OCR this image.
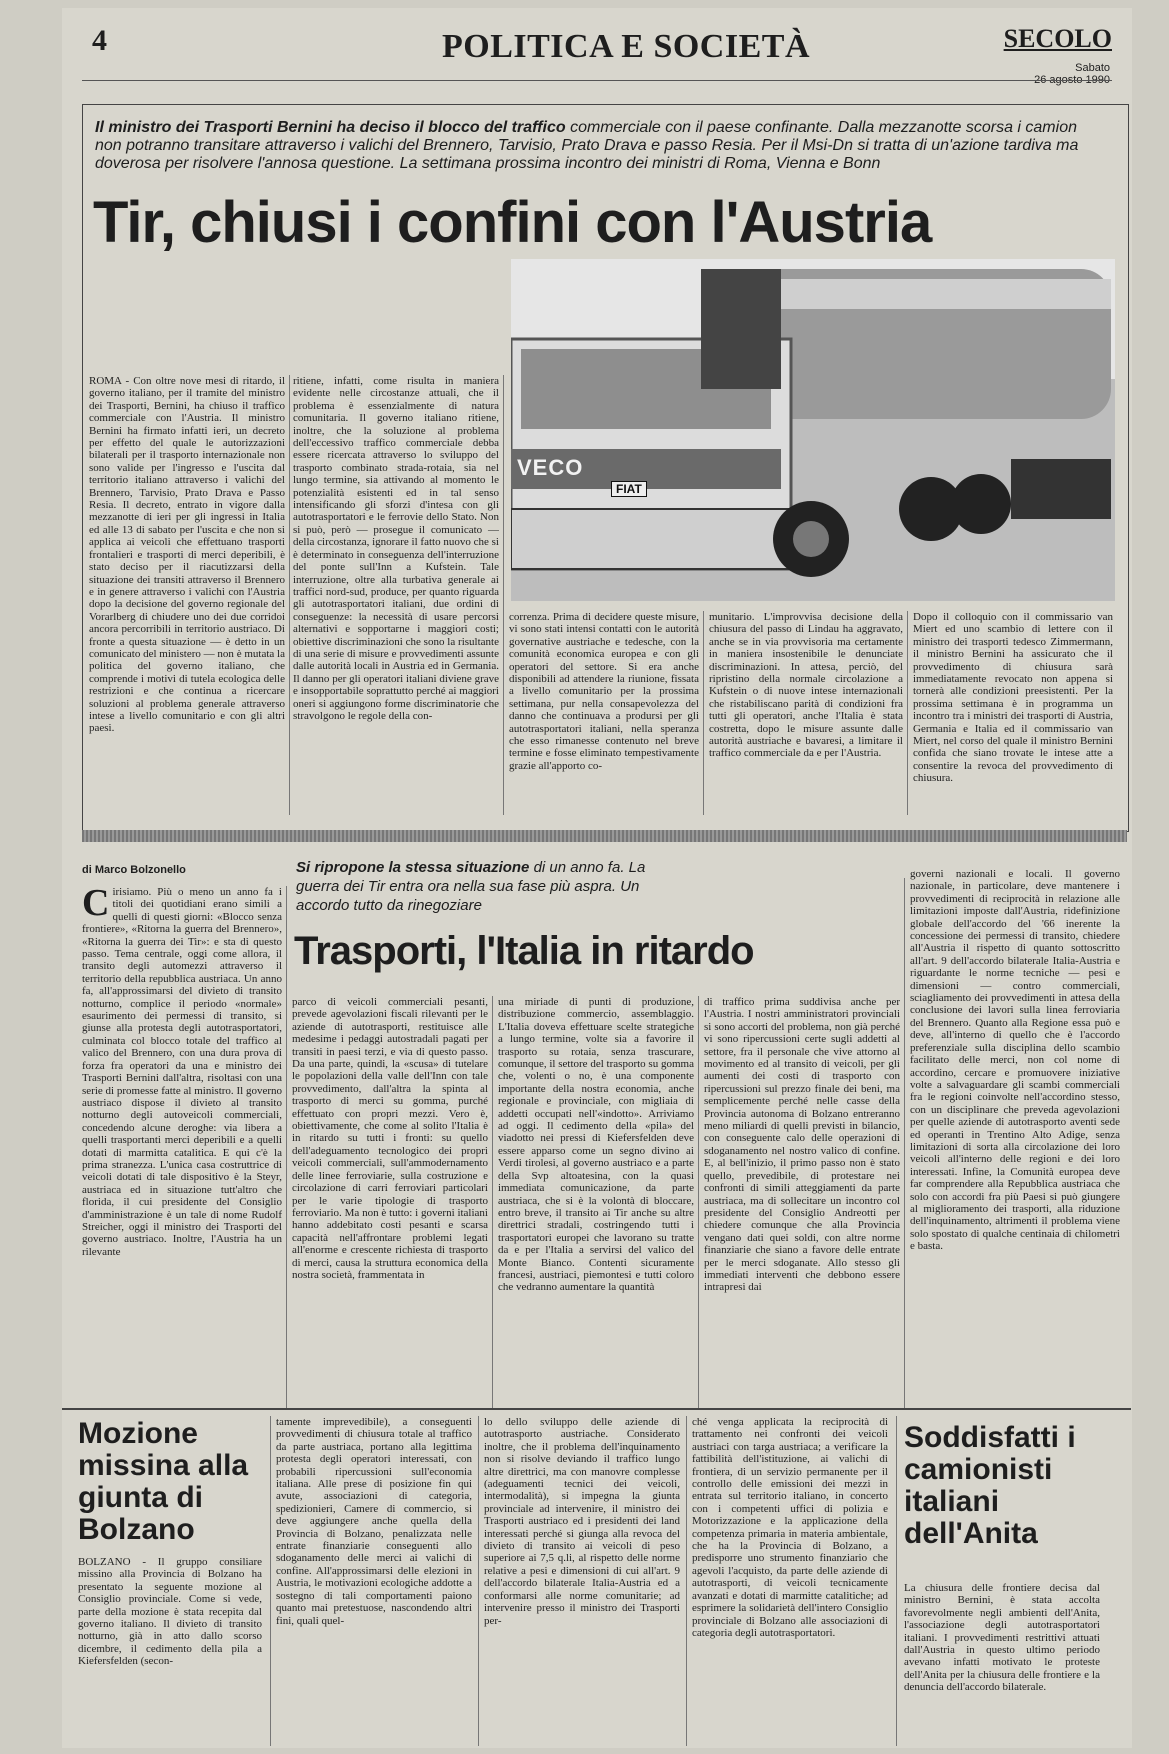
4	POLITICA E SOCIETÀ	SECOLO
Sabato
26 agosto 1990
Il ministro dei Trasporti Bernini ha deciso il blocco del traffico commerciale con il paese confinante. Dalla mezzanotte scorsa i camion non potranno transitare attraverso i valichi del Brennero, Tarvisio, Prato Drava e passo Resia. Per il Msi-Dn si tratta di un'azione tardiva ma doverosa per risolvere l'annosa questione. La settimana prossima incontro dei ministri di Roma, Vienna e Bonn
Tir, chiusi i confini con l'Austria
VECO
FIAT
ROMA - Con oltre nove mesi di ritardo, il governo italiano, per il tramite del ministro dei Trasporti, Bernini, ha chiuso il traffico commerciale con l'Austria. Il ministro Bernini ha firmato infatti ieri, un decreto per effetto del quale le autorizzazioni bilaterali per il trasporto internazionale non sono valide per l'ingresso e l'uscita dal territorio italiano attraverso i valichi del Brennero, Tarvisio, Prato Drava e Passo Resia. Il decreto, entrato in vigore dalla mezzanotte di ieri per gli ingressi in Italia ed alle 13 di sabato per l'uscita e che non si applica ai veicoli che effettuano trasporti frontalieri e trasporti di merci deperibili, è stato deciso per il riacutizzarsi della situazione dei transiti attraverso il Brennero e in genere attraverso i valichi con l'Austria dopo la decisione del governo regionale del Vorarlberg di chiudere uno dei due corridoi ancora percorribili in territorio austriaco. Di fronte a questa situazione — è detto in un comunicato del ministero — non è mutata la politica del governo italiano, che comprende i motivi di tutela ecologica delle restrizioni e che continua a ricercare soluzioni al problema generale attraverso intese a livello comunitario e con gli altri paesi.
ritiene, infatti, come risulta in maniera evidente nelle circostanze attuali, che il problema è essenzialmente di natura comunitaria. Il governo italiano ritiene, inoltre, che la soluzione al problema dell'eccessivo traffico commerciale debba essere ricercata attraverso lo sviluppo del trasporto combinato strada-rotaia, sia nel lungo termine, sia attivando al momento le potenzialità esistenti ed in tal senso intensificando gli sforzi d'intesa con gli autotrasportatori e le ferrovie dello Stato. Non si può, però — prosegue il comunicato — della circostanza, ignorare il fatto nuovo che si è determinato in conseguenza dell'interruzione del ponte sull'Inn a Kufstein. Tale interruzione, oltre alla turbativa generale ai traffici nord-sud, produce, per quanto riguarda gli autotrasportatori italiani, due ordini di conseguenze: la necessità di usare percorsi alternativi e sopportarne i maggiori costi; obiettive discriminazioni che sono la risultante di una serie di misure e provvedimenti assunte dalle autorità locali in Austria ed in Germania. Il danno per gli operatori italiani diviene grave e insopportabile soprattutto perché ai maggiori oneri si aggiungono forme discriminatorie che stravolgono le regole della con-
correnza. Prima di decidere queste misure, vi sono stati intensi contatti con le autorità governative austriache e tedesche, con la comunità economica europea e con gli operatori del settore. Si era anche disponibili ad attendere la riunione, fissata a livello comunitario per la prossima settimana, pur nella consapevolezza del danno che continuava a prodursi per gli autotrasportatori italiani, nella speranza che esso rimanesse contenuto nel breve termine e fosse eliminato tempestivamente grazie all'apporto co-
munitario. L'improvvisa decisione della chiusura del passo di Lindau ha aggravato, anche se in via provvisoria ma certamente in maniera insostenibile le denunciate discriminazioni. In attesa, perciò, del ripristino della normale circolazione a Kufstein o di nuove intese internazionali che ristabiliscano parità di condizioni fra tutti gli operatori, anche l'Italia è stata costretta, dopo le misure assunte dalle autorità austriache e bavaresi, a limitare il traffico commerciale da e per l'Austria.
Dopo il colloquio con il commissario van Miert ed uno scambio di lettere con il ministro dei trasporti tedesco Zimmermann, il ministro Bernini ha assicurato che il provvedimento di chiusura sarà immediatamente revocato non appena si tornerà alle condizioni preesistenti. Per la prossima settimana è in programma un incontro tra i ministri dei trasporti di Austria, Germania e Italia ed il commissario van Miert, nel corso del quale il ministro Bernini confida che siano trovate le intese atte a consentire la revoca del provvedimento di chiusura.
di Marco Bolzonello	Si ripropone la stessa situazione di un anno fa. La guerra dei Tir entra ora nella sua fase più aspra. Un accordo tutto da rinegoziare
Trasporti, l'Italia in ritardo
C irisiamo. Più o meno un anno fa i titoli dei quotidiani erano simili a quelli di questi giorni: «Blocco senza frontiere», «Ritorna la guerra del Brennero», «Ritorna la guerra dei Tir»: e sta di questo passo. Tema centrale, oggi come allora, il transito degli automezzi attraverso il territorio della repubblica austriaca. Un anno fa, all'approssimarsi del divieto di transito notturno, complice il periodo «normale» esaurimento dei permessi di transito, si giunse alla protesta degli autotrasportatori, culminata col blocco totale del traffico al valico del Brennero, con una dura prova di forza fra operatori da una e ministro dei Trasporti Bernini dall'altra, risoltasi con una serie di promesse fatte al ministro. Il governo austriaco dispose il divieto al transito notturno degli autoveicoli commerciali, concedendo alcune deroghe: via libera a quelli trasportanti merci deperibili e a quelli dotati di marmitta catalitica. E qui c'è la prima stranezza. L'unica casa costruttrice di veicoli dotati di tale dispositivo è la Steyr, austriaca ed in situazione tutt'altro che florida, il cui presidente del Consiglio d'amministrazione è un tale di nome Rudolf Streicher, oggi il ministro dei Trasporti del governo austriaco. Inoltre, l'Austria ha un rilevante
parco di veicoli commerciali pesanti, prevede agevolazioni fiscali rilevanti per le aziende di autotrasporti, restituisce alle medesime i pedaggi autostradali pagati per transiti in paesi terzi, e via di questo passo. Da una parte, quindi, la «scusa» di tutelare le popolazioni della valle dell'Inn con tale provvedimento, dall'altra la spinta al trasporto di merci su gomma, purché effettuato con propri mezzi. Vero è, obiettivamente, che come al solito l'Italia è in ritardo su tutti i fronti: su quello dell'adeguamento tecnologico dei propri veicoli commerciali, sull'ammodernamento delle linee ferroviarie, sulla costruzione e circolazione di carri ferroviari particolari per le varie tipologie di trasporto ferroviario. Ma non è tutto: i governi italiani hanno addebitato costi pesanti e scarsa capacità nell'affrontare problemi legati all'enorme e crescente richiesta di trasporto di merci, causa la struttura economica della nostra società, frammentata in
una miriade di punti di produzione, distribuzione commercio, assemblaggio. L'Italia doveva effettuare scelte strategiche a lungo termine, volte sia a favorire il trasporto su rotaia, senza trascurare, comunque, il settore del trasporto su gomma che, volenti o no, è una componente importante della nostra economia, anche regionale e provinciale, con migliaia di addetti occupati nell'«indotto». Arriviamo ad oggi. Il cedimento della «pila» del viadotto nei pressi di Kiefersfelden deve essere apparso come un segno divino ai Verdi tirolesi, al governo austriaco e a parte della Svp altoatesina, con la quasi immediata comunicazione, da parte austriaca, che si è la volontà di bloccare, entro breve, il transito ai Tir anche su altre direttrici stradali, costringendo tutti i trasportatori europei che lavorano su tratte da e per l'Italia a servirsi del valico del Monte Bianco. Contenti sicuramente francesi, austriaci, piemontesi e tutti coloro che vedranno aumentare la quantità
di traffico prima suddivisa anche per l'Austria. I nostri amministratori provinciali si sono accorti del problema, non già perché vi sono ripercussioni certe sugli addetti al settore, fra il personale che vive attorno al movimento ed al transito di veicoli, per gli aumenti dei costi di trasporto con ripercussioni sul prezzo finale dei beni, ma semplicemente perché nelle casse della Provincia autonoma di Bolzano entreranno meno miliardi di quelli previsti in bilancio, con conseguente calo delle operazioni di sdoganamento nel nostro valico di confine. E, al bell'inizio, il primo passo non è stato quello, prevedibile, di protestare nei confronti di simili atteggiamenti da parte austriaca, ma di sollecitare un incontro col presidente del Consiglio Andreotti per chiedere comunque che alla Provincia vengano dati quei soldi, con altre norme finanziarie che siano a favore delle entrate per le merci sdoganate. Allo stesso gli immediati interventi che debbono essere intrapresi dai
governi nazionali e locali. Il governo nazionale, in particolare, deve mantenere i provvedimenti di reciprocità in relazione alle limitazioni imposte dall'Austria, ridefinizione globale dell'accordo del '66 inerente la concessione dei permessi di transito, chiedere all'Austria il rispetto di quanto sottoscritto all'art. 9 dell'accordo bilaterale Italia-Austria e riguardante le norme tecniche — pesi e dimensioni — contro commerciali, sciagliamento dei provvedimenti in attesa della conclusione dei lavori sulla linea ferroviaria del Brennero. Quanto alla Regione essa può e deve, all'interno di quello che è l'accordo preferenziale sulla disciplina dello scambio facilitato delle merci, non col nome di accordino, cercare e promuovere iniziative volte a salvaguardare gli scambi commerciali fra le regioni coinvolte nell'accordino stesso, con un disciplinare che preveda agevolazioni per quelle aziende di autotrasporto aventi sede ed operanti in Trentino Alto Adige, senza limitazioni di sorta alla circolazione dei loro veicoli all'interno delle regioni e dei loro interessati. Infine, la Comunità europea deve far comprendere alla Repubblica austriaca che solo con accordi fra più Paesi si può giungere al miglioramento dei trasporti, alla riduzione dell'inquinamento, altrimenti il problema viene solo spostato di qualche centinaia di chilometri e basta.
Mozione missina alla giunta di Bolzano
BOLZANO - Il gruppo consiliare missino alla Provincia di Bolzano ha presentato la seguente mozione al Consiglio provinciale. Come si vede, parte della mozione è stata recepita dal governo italiano. Il divieto di transito notturno, già in atto dallo scorso dicembre, il cedimento della pila a Kiefersfelden (secon-
tamente imprevedibile), a conseguenti provvedimenti di chiusura totale al traffico da parte austriaca, portano alla legittima protesta degli operatori interessati, con probabili ripercussioni sull'economia italiana. Alle prese di posizione fin qui avute, associazioni di categoria, spedizionieri, Camere di commercio, si deve aggiungere anche quella della Provincia di Bolzano, penalizzata nelle entrate finanziarie conseguenti allo sdoganamento delle merci ai valichi di confine. All'approssimarsi delle elezioni in Austria, le motivazioni ecologiche addotte a sostegno di tali comportamenti paiono quanto mai pretestuose, nascondendo altri fini, quali quel-
lo dello sviluppo delle aziende di autotrasporto austriache. Considerato inoltre, che il problema dell'inquinamento non si risolve deviando il traffico lungo altre direttrici, ma con manovre complesse (adeguamenti tecnici dei veicoli, intermodalità), si impegna la giunta provinciale ad intervenire, il ministro dei Trasporti austriaco ed i presidenti dei land interessati perché si giunga alla revoca del divieto di transito ai veicoli di peso superiore ai 7,5 q.li, al rispetto delle norme relative a pesi e dimensioni di cui all'art. 9 dell'accordo bilaterale Italia-Austria ed a conformarsi alle norme comunitarie; ad intervenire presso il ministro dei Trasporti per-
ché venga applicata la reciprocità di trattamento nei confronti dei veicoli austriaci con targa austriaca; a verificare la fattibilità dell'istituzione, ai valichi di frontiera, di un servizio permanente per il controllo delle emissioni dei mezzi in entrata sul territorio italiano, in concerto con i competenti uffici di polizia e Motorizzazione e la applicazione della competenza primaria in materia ambientale, che ha la Provincia di Bolzano, a predisporre uno strumento finanziario che agevoli l'acquisto, da parte delle aziende di autotrasporti, di veicoli tecnicamente avanzati e dotati di marmitte catalitiche; ad esprimere la solidarietà dell'intero Consiglio provinciale di Bolzano alle associazioni di categoria degli autotrasportatori.
Soddisfatti i camionisti italiani dell'Anita
La chiusura delle frontiere decisa dal ministro Bernini, è stata accolta favorevolmente negli ambienti dell'Anita, l'associazione degli autotrasportatori italiani. I provvedimenti restrittivi attuati dall'Austria in questo ultimo periodo avevano infatti motivato le proteste dell'Anita per la chiusura delle frontiere e la denuncia dell'accordo bilaterale.
